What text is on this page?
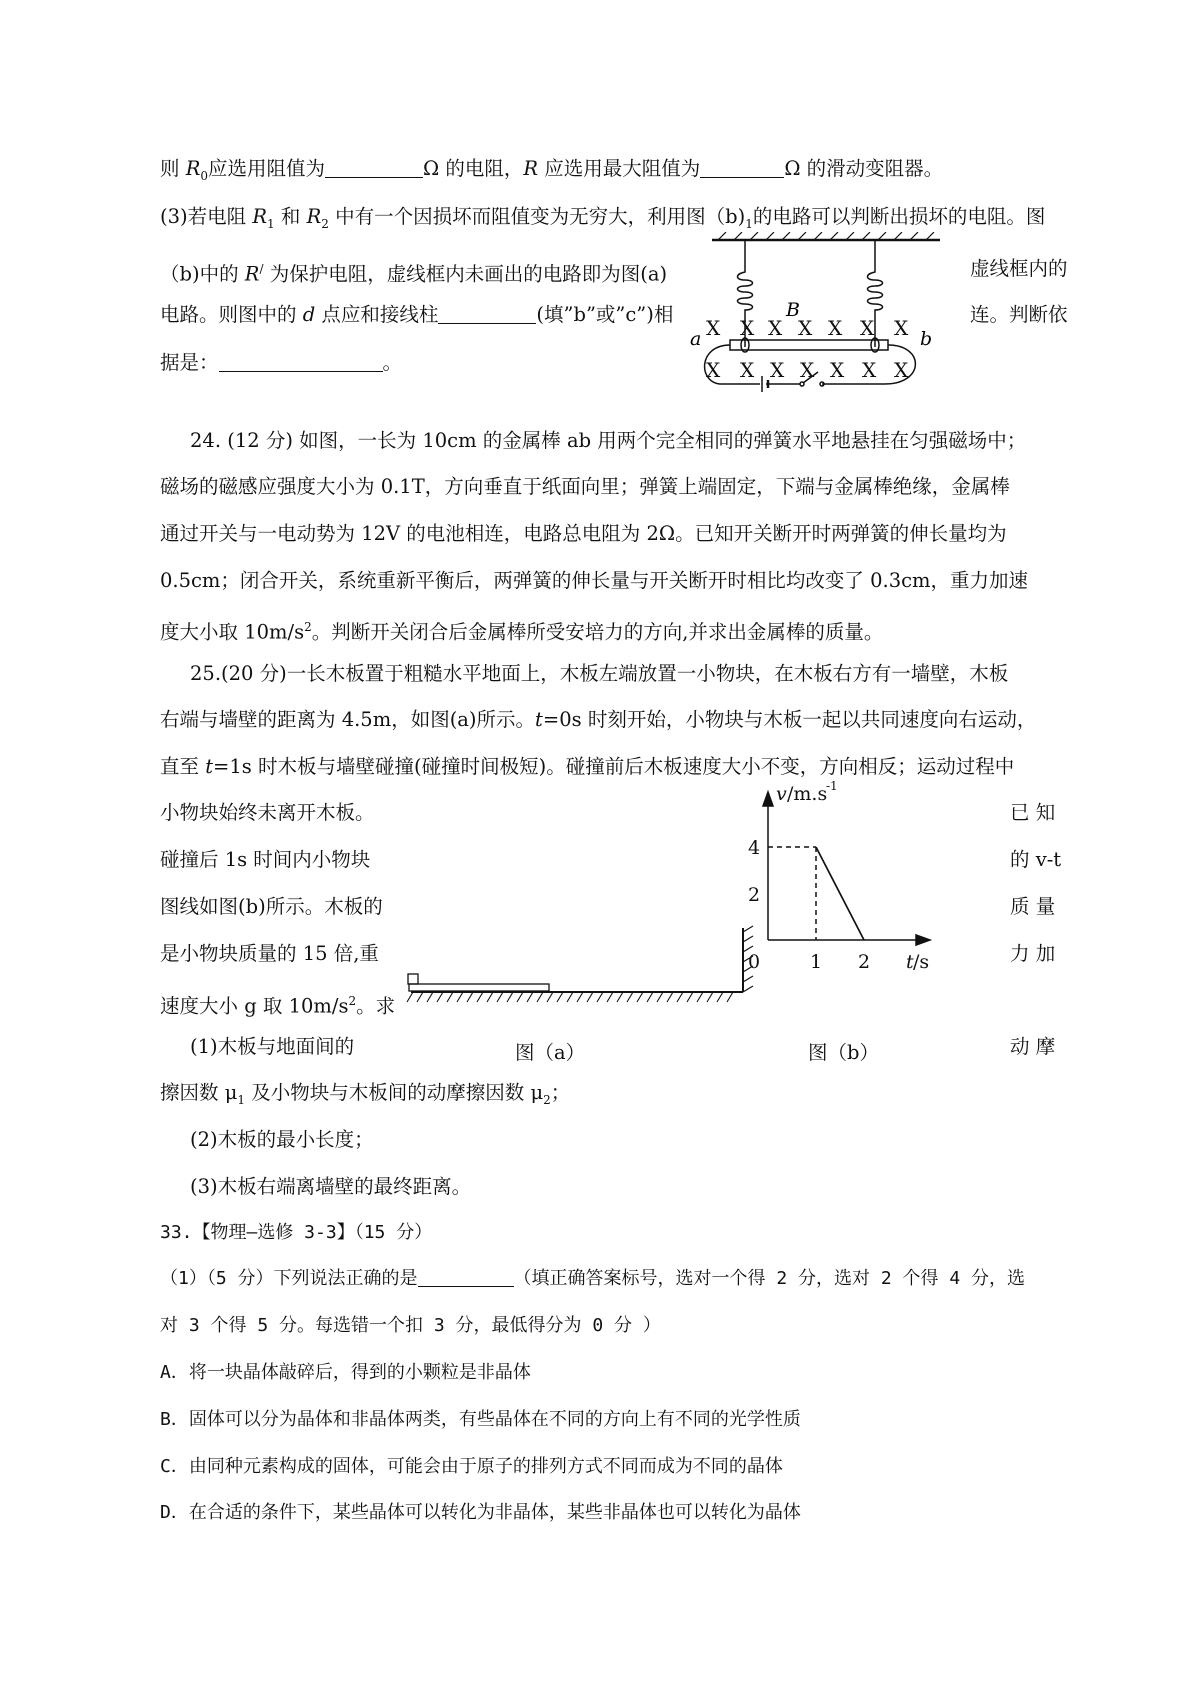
则 $R_0$应选用阻值为	Ω 的电阻，R 应选用最大阻值为	Ω 的滑动变阻器。
(3)若电阻 $R_1$ 和 $R_2$ 中有一个因损坏而阻值变为无穷大，利用图$(b)_1$的电路可以判断出损坏的电阻。图
（b)中的 R/ 为保护电阻，虚线框内未画出的电路即为图(a)	虚线框内的
电路。则图中的 d 点应和接线柱	(填”b”或”c”)相	连。判断依
据是：	。
X X X X X X X
X X X X X X X
B
a	b
24. (12 分) 如图，一长为 10cm 的金属棒 ab 用两个完全相同的弹簧水平地悬挂在匀强磁场中；
磁场的磁感应强度大小为 0.1T，方向垂直于纸面向里；弹簧上端固定，下端与金属棒绝缘，金属棒
通过开关与一电动势为 12V 的电池相连，电路总电阻为 2Ω。已知开关断开时两弹簧的伸长量均为
0.5cm；闭合开关，系统重新平衡后，两弹簧的伸长量与开关断开时相比均改变了 0.3cm，重力加速
度大小取 $10m/s^2$。判断开关闭合后金属棒所受安培力的方向,并求出金属棒的质量。
25.(20 分)一长木板置于粗糙水平地面上，木板左端放置一小物块，在木板右方有一墙壁，木板
右端与墙壁的距离为 4.5m，如图(a)所示。t=0s 时刻开始，小物块与木板一起以共同速度向右运动，
直至 t=1s 时木板与墙壁碰撞(碰撞时间极短)。碰撞前后木板速度大小不变，方向相反；运动过程中
小物块始终未离开木板。
碰撞后 1s 时间内小物块
图线如图(b)所示。木板的
是小物块质量的 15 倍,重
速度大小 g 取 $10m/s^2$。求
已 知
的 v-t
质 量
力 加
(1)木板与地面间的	动 摩
擦因数 $\mu_1$ 及小物块与木板间的动摩擦因数 $\mu_2$；
(2)木板的最小长度；
(3)木板右端离墙壁的最终距离。
图（a）
v /m.s
-1
4
2
0	1 2 t /s
图（b）
33.【物理—选修 3-3】（15 分）
（1）（5 分）下列说法正确的是	（填正确答案标号，选对一个得 2 分，选对 2 个得 4 分，选
对 3 个得 5 分。每选错一个扣 3 分，最低得分为 0 分 ）
A．将一块晶体敲碎后，得到的小颗粒是非晶体
B．固体可以分为晶体和非晶体两类，有些晶体在不同的方向上有不同的光学性质
C．由同种元素构成的固体，可能会由于原子的排列方式不同而成为不同的晶体
D．在合适的条件下，某些晶体可以转化为非晶体，某些非晶体也可以转化为晶体
